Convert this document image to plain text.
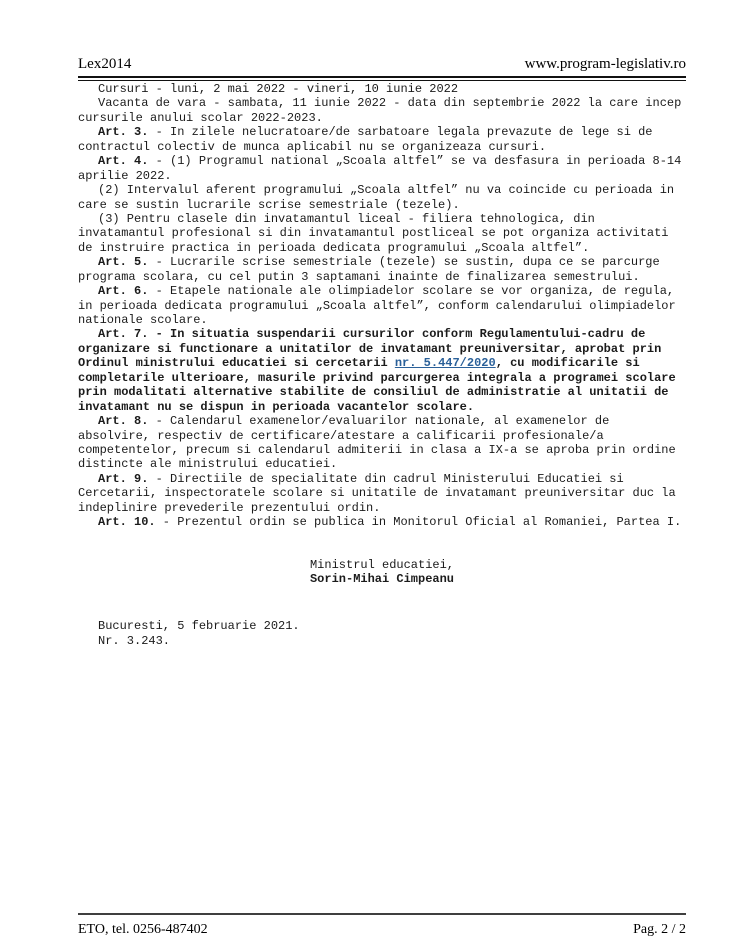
Lex2014	www.program-legislativ.ro

Cursuri - luni, 2 mai 2022 - vineri, 10 iunie 2022

Vacanta de vara - sambata, 11 iunie 2022 - data din septembrie 2022 la care incep cursurile anului scolar 2022-2023.

Art. 3. - In zilele nelucratoare/de sarbatoare legala prevazute de lege si de contractul colectiv de munca aplicabil nu se organizeaza cursuri.

Art. 4. - (1) Programul national „Scoala altfel” se va desfasura in perioada 8-14 aprilie 2022.

(2) Intervalul aferent programului „Scoala altfel” nu va coincide cu perioada in care se sustin lucrarile scrise semestriale (tezele).

(3) Pentru clasele din invatamantul liceal - filiera tehnologica, din invatamantul profesional si din invatamantul postliceal se pot organiza activitati de instruire practica in perioada dedicata programului „Scoala altfel”.

Art. 5. - Lucrarile scrise semestriale (tezele) se sustin, dupa ce se parcurge programa scolara, cu cel putin 3 saptamani inainte de finalizarea semestrului.

Art. 6. - Etapele nationale ale olimpiadelor scolare se vor organiza, de regula, in perioada dedicata programului „Scoala altfel”, conform calendarului olimpiadelor nationale scolare.

Art. 7. - In situatia suspendarii cursurilor conform Regulamentului-cadru de organizare si functionare a unitatilor de invatamant preuniversitar, aprobat prin Ordinul ministrului educatiei si cercetarii nr. 5.447/2020, cu modificarile si completarile ulterioare, masurile privind parcurgerea integrala a programei scolare prin modalitati alternative stabilite de consiliul de administratie al unitatii de invatamant nu se dispun in perioada vacantelor scolare.

Art. 8. - Calendarul examenelor/evaluarilor nationale, al examenelor de absolvire, respectiv de certificare/atestare a calificarii profesionale/a competentelor, precum si calendarul admiterii in clasa a IX-a se aproba prin ordine distincte ale ministrului educatiei.

Art. 9. - Directiile de specialitate din cadrul Ministerului Educatiei si Cercetarii, inspectoratele scolare si unitatile de invatamant preuniversitar duc la indeplinire prevederile prezentului ordin.

Art. 10. - Prezentul ordin se publica in Monitorul Oficial al Romaniei, Partea I.

Ministrul educatiei,

Sorin-Mihai Cimpeanu

Bucuresti, 5 februarie 2021.

Nr. 3.243.

ETO, tel. 0256-487402	Pag. 2 / 2
